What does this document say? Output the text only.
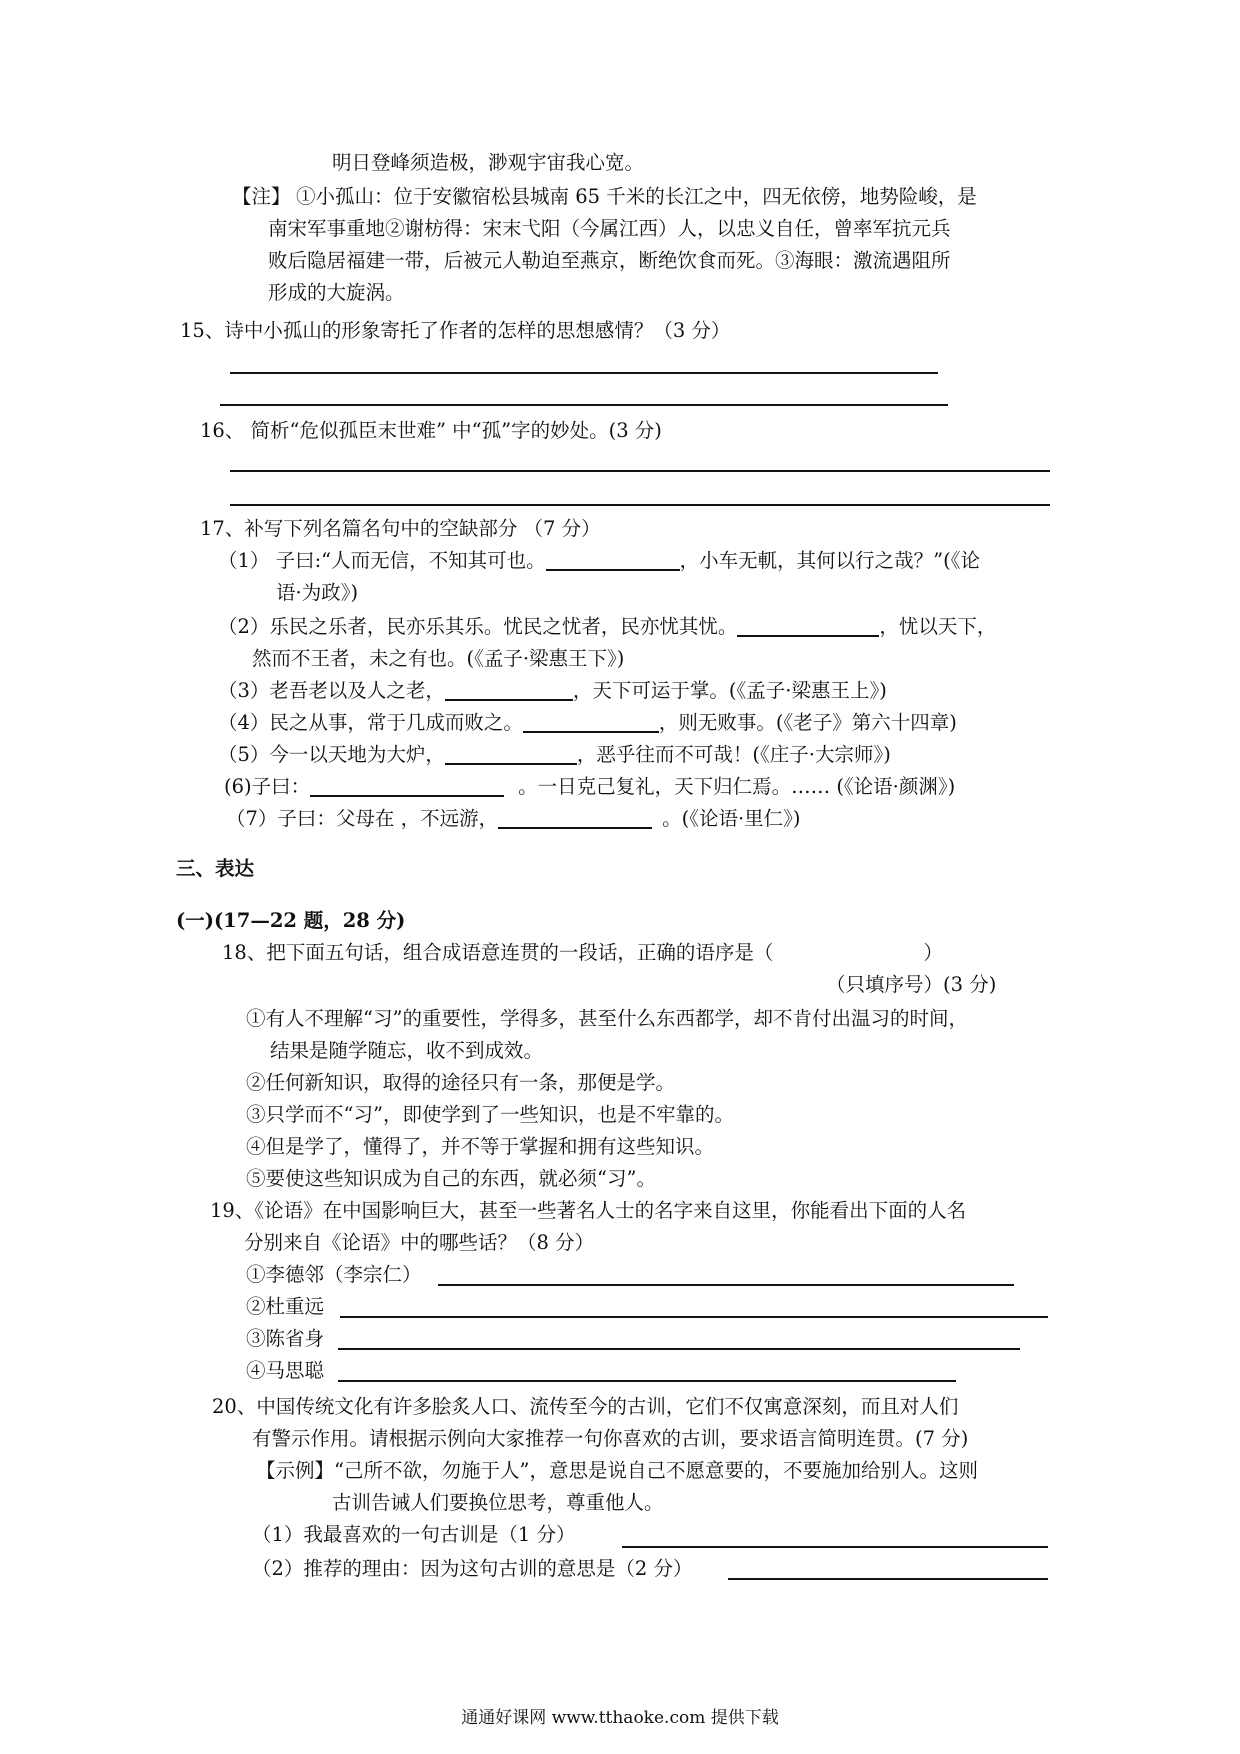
明日登峰须造极，渺观宇宙我心宽。
【注】 ①小孤山：位于安徽宿松县城南 65 千米的长江之中，四无依傍，地势险峻，是
南宋军事重地②谢枋得：宋末弋阳（今属江西）人，以忠义自任，曾率军抗元兵
败后隐居福建一带，后被元人勒迫至燕京，断绝饮食而死。③海眼：激流遇阻所
形成的大旋涡。
15、诗中小孤山的形象寄托了作者的怎样的思想感情？（3 分）
16、 简析“危似孤臣末世难” 中“孤”字的妙处。(3 分)
17、补写下列名篇名句中的空缺部分 （7 分）
（1） 子曰:“人而无信，不知其可也。	，小车无軏，其何以行之哉？”(《论
语·为政》)
（2）乐民之乐者，民亦乐其乐。忧民之忧者，民亦忧其忧。	，忧以天下，
然而不王者，未之有也。(《孟子·梁惠王下》)
（3）老吾老以及人之老，	，天下可运于掌。(《孟子·梁惠王上》)
（4）民之从事，常于几成而败之。	，则无败事。(《老子》第六十四章)
（5）今一以天地为大炉，	，恶乎往而不可哉！(《庄子·大宗师》)
(6)子曰：	。一日克己复礼，天下归仁焉。…… (《论语·颜渊》)
（7）子曰：父母在 ，不远游，	。(《论语·里仁》)
三、表达
(一)(17—22 题，28 分)
18、把下面五句话，组合成语意连贯的一段话，正确的语序是（	）
（只填序号）(3 分)
①有人不理解“习”的重要性，学得多，甚至什么东西都学，却不肯付出温习的时间，
结果是随学随忘，收不到成效。
②任何新知识，取得的途径只有一条，那便是学。
③只学而不“习”，即使学到了一些知识，也是不牢靠的。
④但是学了，懂得了，并不等于掌握和拥有这些知识。
⑤要使这些知识成为自己的东西，就必须“习”。
19、《论语》在中国影响巨大，甚至一些著名人士的名字来自这里，你能看出下面的人名
分别来自《论语》中的哪些话？（8 分）
①李德邻（李宗仁）
②杜重远
③陈省身
④马思聪
20、中国传统文化有许多脍炙人口、流传至今的古训，它们不仅寓意深刻，而且对人们
有警示作用。请根据示例向大家推荐一句你喜欢的古训，要求语言简明连贯。(7 分)
【示例】“己所不欲，勿施于人”，意思是说自己不愿意要的，不要施加给别人。这则
古训告诫人们要换位思考，尊重他人。
（1）我最喜欢的一句古训是（1 分）
（2）推荐的理由：因为这句古训的意思是（2 分）
通通好课网 www.tthaoke.com 提供下载
